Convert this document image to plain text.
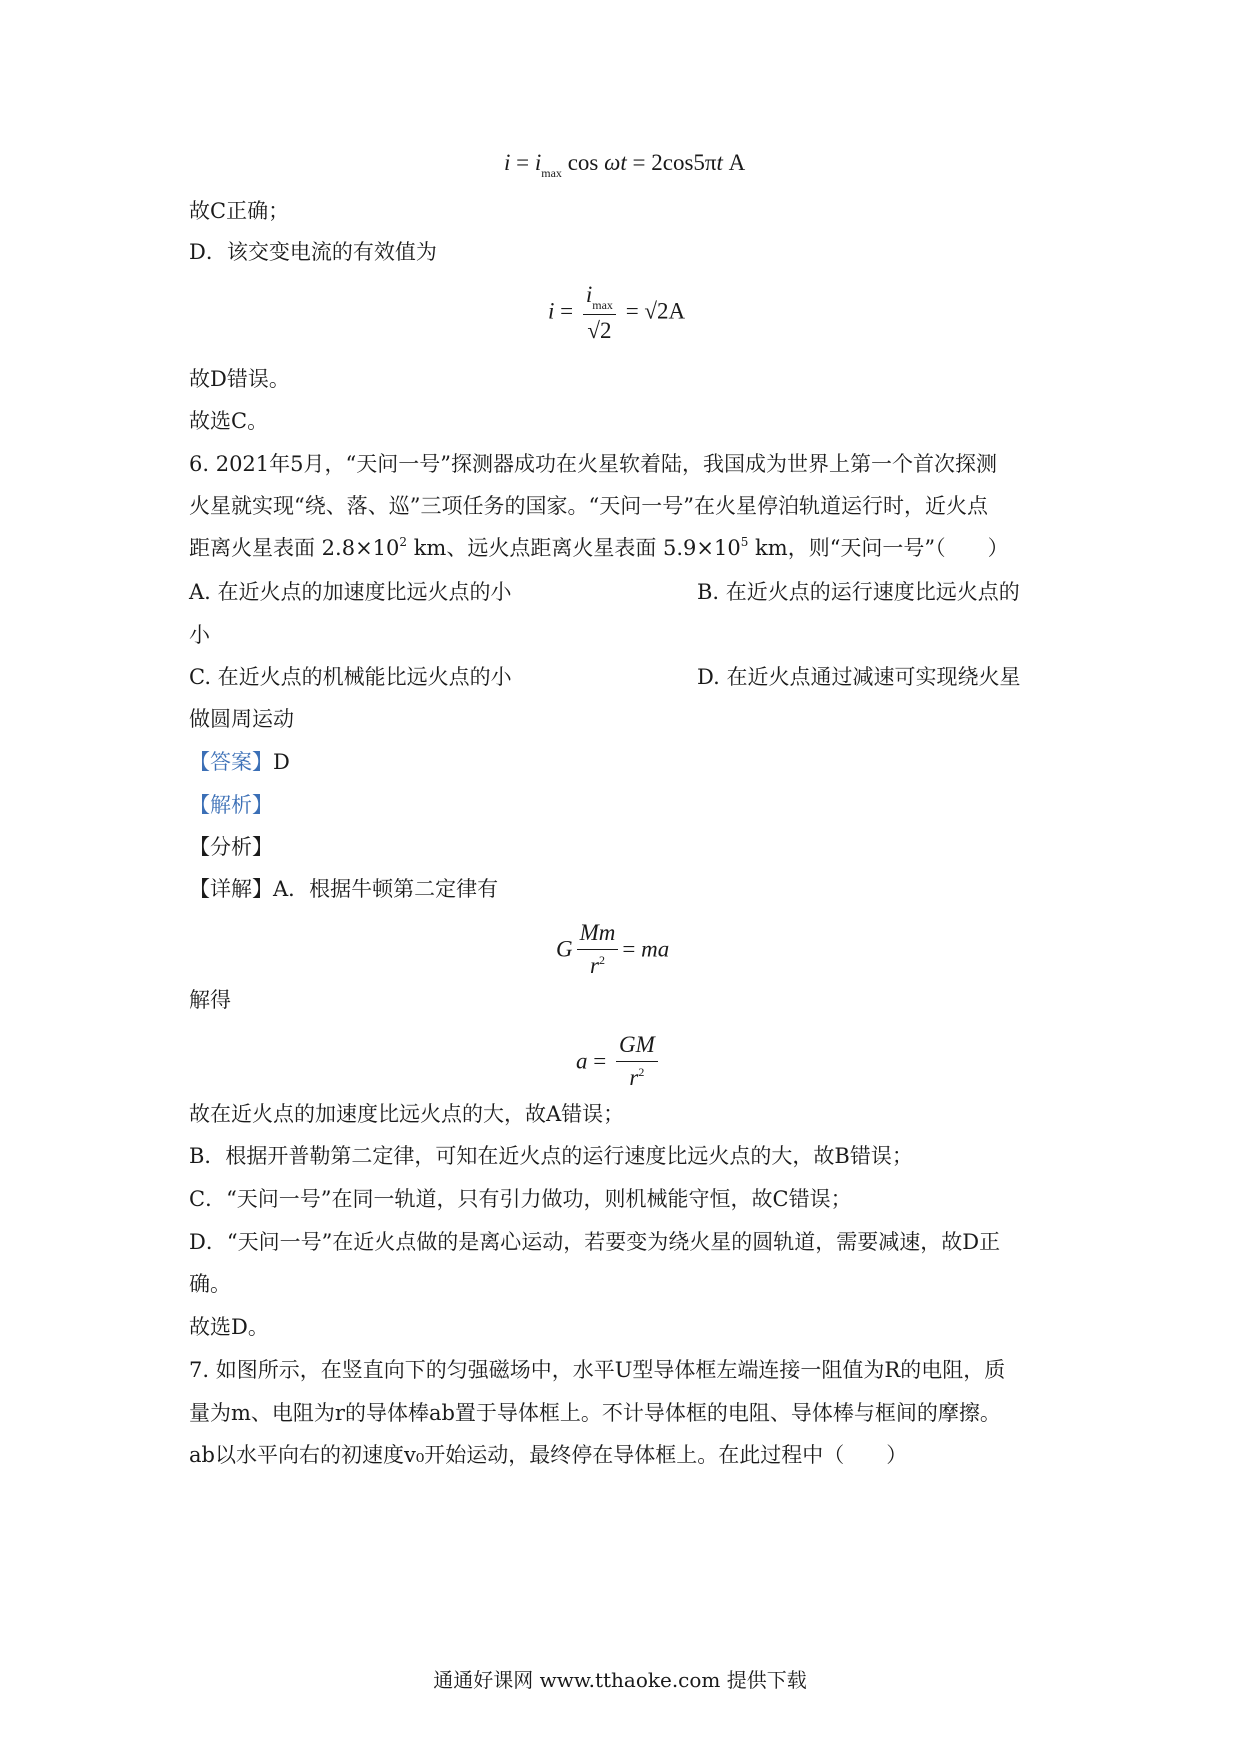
$i = i_{max}$ cos ωt = 2cos5πt A
故C正确；
D．该交变电流的有效值为
$i = \frac{i_{max}}{√2} = √2A$
故D错误。
故选C。
6. 2021年5月，“天问一号”探测器成功在火星软着陆，我国成为世界上第一个首次探测
火星就实现“绕、落、巡”三项任务的国家。“天问一号”在火星停泊轨道运行时，近火点
距离火星表面 $2.8\times 10^2$ km、远火点距离火星表面 $5.9\times 10^5$ km，则“天问一号”（　　）
A. 在近火点的加速度比远火点的小	B. 在近火点的运行速度比远火点的
小
C. 在近火点的机械能比远火点的小	D. 在近火点通过减速可实现绕火星
做圆周运动
【答案】D
【解析】
【分析】
【详解】A．根据牛顿第二定律有
G $\frac{Mm}{r^2}$ = ma
解得
$a = \frac{GM}{r^2}$
故在近火点的加速度比远火点的大，故A错误；
B．根据开普勒第二定律，可知在近火点的运行速度比远火点的大，故B错误；
C．“天问一号”在同一轨道，只有引力做功，则机械能守恒，故C错误；
D．“天问一号”在近火点做的是离心运动，若要变为绕火星的圆轨道，需要减速，故D正
确。
故选D。
7. 如图所示，在竖直向下的匀强磁场中，水平U型导体框左端连接一阻值为R的电阻，质
量为m、电阻为r的导体棒ab置于导体框上。不计导体框的电阻、导体棒与框间的摩擦。
ab以水平向右的初速度v₀开始运动，最终停在导体框上。在此过程中（　　）
通通好课网 www.tthaoke.com 提供下载
